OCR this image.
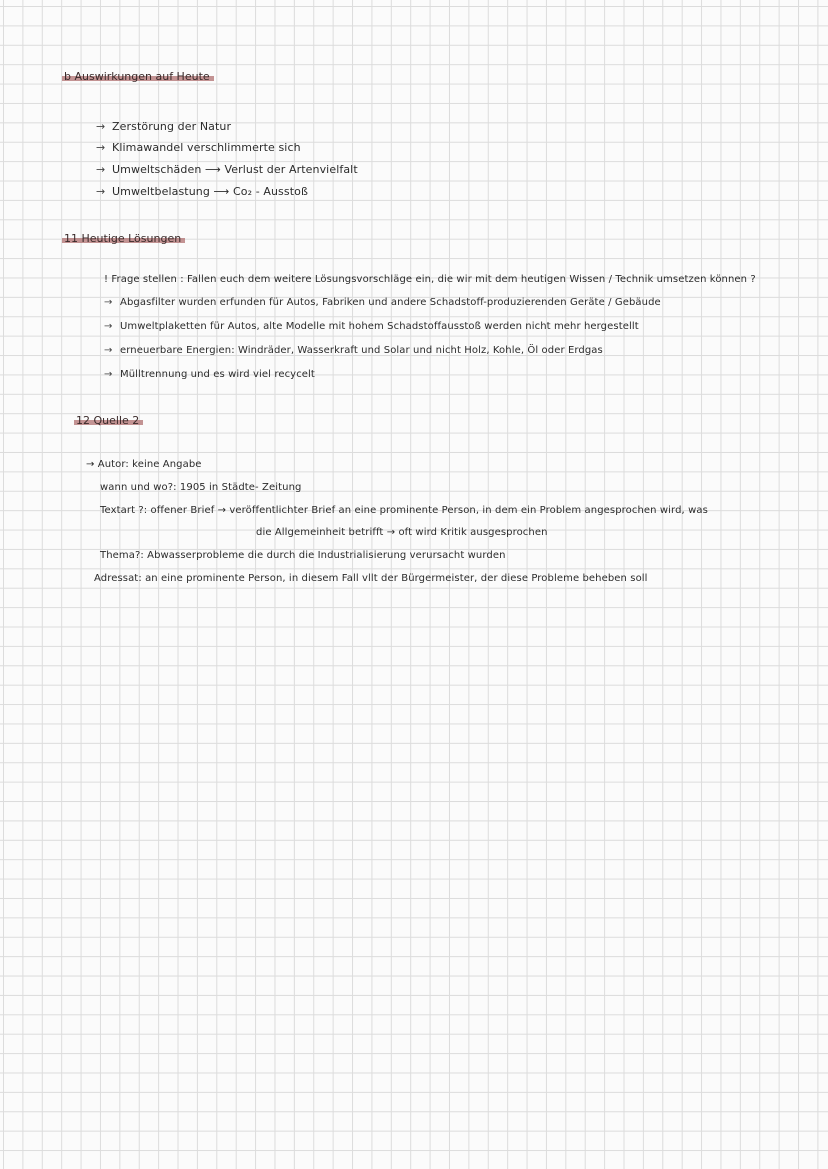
b Auswirkungen auf Heute
→ Zerstörung der Natur
→ Klimawandel verschlimmerte sich
→ Umweltschäden ⟶ Verlust der Artenvielfalt
→ Umweltbelastung ⟶ Co₂ - Ausstoß
11 Heutige Lösungen
! Frage stellen : Fallen euch dem weitere Lösungsvorschläge ein, die wir mit dem heutigen Wissen / Technik umsetzen können ?
→ Abgasfilter wurden erfunden für Autos, Fabriken und andere Schadstoff-produzierenden Geräte / Gebäude
→ Umweltplaketten für Autos, alte Modelle mit hohem Schadstoffausstoß werden nicht mehr hergestellt
→ erneuerbare Energien: Windräder, Wasserkraft und Solar und nicht Holz, Kohle, Öl oder Erdgas
→ Mülltrennung und es wird viel recycelt
12 Quelle 2
→ Autor: keine Angabe
wann und wo?: 1905 in Städte- Zeitung
Textart ?: offener Brief → veröffentlichter Brief an eine prominente Person, in dem ein Problem angesprochen wird, was
die Allgemeinheit betrifft → oft wird Kritik ausgesprochen
Thema?: Abwasserprobleme die durch die Industrialisierung verursacht wurden
Adressat: an eine prominente Person, in diesem Fall vllt der Bürgermeister, der diese Probleme beheben soll
